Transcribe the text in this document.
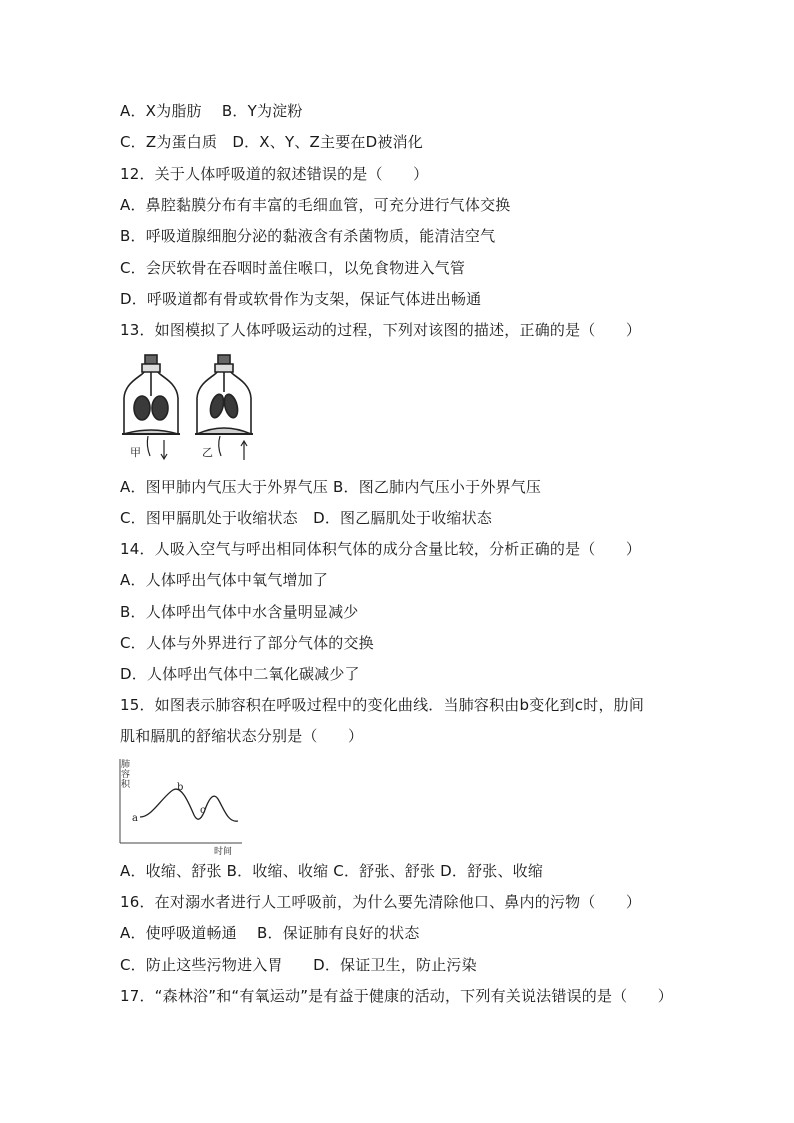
A．X为脂肪　 B．Y为淀粉
C．Z为蛋白质　D．X、Y、Z主要在D被消化
12．关于人体呼吸道的叙述错误的是（　　）
A．鼻腔黏膜分布有丰富的毛细血管，可充分进行气体交换
B．呼吸道腺细胞分泌的黏液含有杀菌物质，能清洁空气
C．会厌软骨在吞咽时盖住喉口，以免食物进入气管
D．呼吸道都有骨或软骨作为支架，保证气体进出畅通
13．如图模拟了人体呼吸运动的过程，下列对该图的描述，正确的是（　　）
甲	乙
A．图甲肺内气压大于外界气压 B．图乙肺内气压小于外界气压
C．图甲膈肌处于收缩状态　D．图乙膈肌处于收缩状态
14．人吸入空气与呼出相同体积气体的成分含量比较，分析正确的是（　　）
A．人体呼出气体中氧气增加了
B．人体呼出气体中水含量明显减少
C．人体与外界进行了部分气体的交换
D．人体呼出气体中二氧化碳减少了
15．如图表示肺容积在呼吸过程中的变化曲线．当肺容积由b变化到c时，肋间
肌和膈肌的舒缩状态分别是（　　）
肺
容
积
a
b
c
时间
A．收缩、舒张 B．收缩、收缩 C．舒张、舒张 D．舒张、收缩
16．在对溺水者进行人工呼吸前，为什么要先清除他口、鼻内的污物（　　）
A．使呼吸道畅通　 B．保证肺有良好的状态
C．防止这些污物进入胃　　D．保证卫生，防止污染
17．“森林浴”和“有氧运动”是有益于健康的活动，下列有关说法错误的是（　　）
